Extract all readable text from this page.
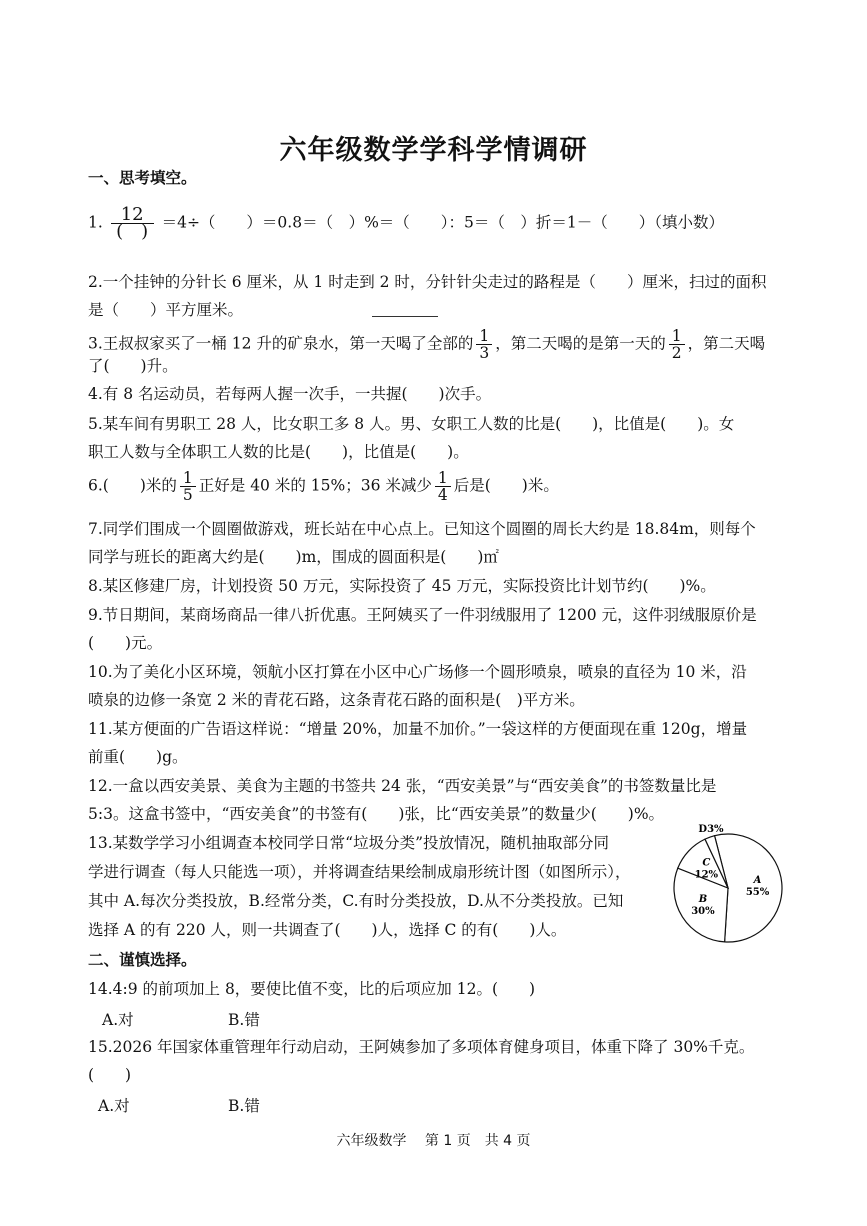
六年级数学学科学情调研
一、思考填空。
1. $\frac{12}{( )} =4\div$（　　）＝0.8＝（　）%＝（　　）：5＝（　）折＝1－（　　）（填小数）
2.一个挂钟的分针长 6 厘米，从 1 时走到 2 时，分针针尖走过的路程是（　　）厘米，扫过的面积
是（　　）平方厘米。
3.王叔叔家买了一桶 12 升的矿泉水，第一天喝了全部的 $\frac{1}{3}$ ，第二天喝的是第一天的 $\frac{1}{2}$ ，第二天喝
了(　　)升。
4.有 8 名运动员，若每两人握一次手，一共握(　　)次手。
5.某车间有男职工 28 人，比女职工多 8 人。男、女职工人数的比是(　　)，比值是(　　)。女
职工人数与全体职工人数的比是(　　)，比值是(　　)。
6.(　　)米的 $\frac{1}{5}$ 正好是 40 米的 15%；36 米减少 $\frac{1}{4}$ 后是(　　)米。
7.同学们围成一个圆圈做游戏，班长站在中心点上。已知这个圆圈的周长大约是 18.84m，则每个
同学与班长的距离大约是(　　)m，围成的圆面积是(　　)㎡
8.某区修建厂房，计划投资 50 万元，实际投资了 45 万元，实际投资比计划节约(　　)%。
9.节日期间，某商场商品一律八折优惠。王阿姨买了一件羽绒服用了 1200 元，这件羽绒服原价是
(　　)元。
10.为了美化小区环境，领航小区打算在小区中心广场修一个圆形喷泉，喷泉的直径为 10 米，沿
喷泉的边修一条宽 2 米的青花石路，这条青花石路的面积是(　)平方米。
11.某方便面的广告语这样说：“增量 20%，加量不加价。”一袋这样的方便面现在重 120g，增量
前重(　　)g。
12.一盒以西安美景、美食为主题的书签共 24 张，“西安美景”与“西安美食”的书签数量比是
5:3。这盒书签中，“西安美食”的书签有(　　)张，比“西安美景”的数量少(　　)%。
13.某数学学习小组调查本校同学日常“垃圾分类”投放情况，随机抽取部分同
学进行调查（每人只能选一项），并将调查结果绘制成扇形统计图（如图所示），
其中 A.每次分类投放，B.经常分类，C.有时分类投放，D.从不分类投放。已知
选择 A 的有 220 人，则一共调查了(　　)人，选择 C 的有(　　)人。
A
55%
B
30%
C
12%
D3%
二、谨慎选择。
14.4:9 的前项加上 8，要使比值不变，比的后项应加 12。(　　)
A.对	B.错
15.2026 年国家体重管理年行动启动，王阿姨参加了多项体育健身项目，体重下降了 30%千克。
(　　)
A.对	B.错
六年级数学　 第 1 页　共 4 页
